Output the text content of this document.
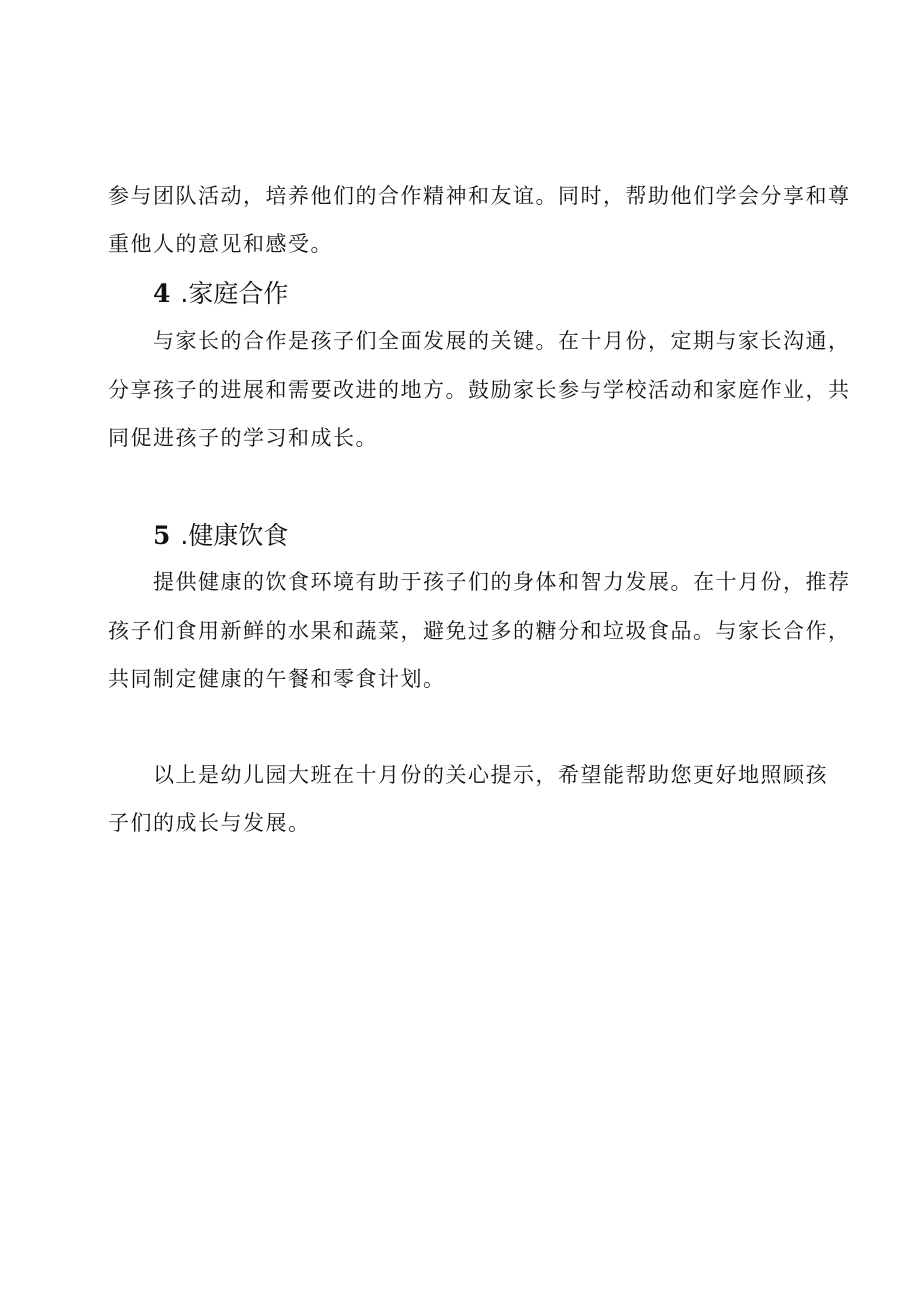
参与团队活动，培养他们的合作精神和友谊。同时，帮助他们学会分享和尊
重他人的意见和感受。
4 .家庭合作
与家长的合作是孩子们全面发展的关键。在十月份，定期与家长沟通，
分享孩子的进展和需要改进的地方。鼓励家长参与学校活动和家庭作业，共
同促进孩子的学习和成长。
5 .健康饮食
提供健康的饮食环境有助于孩子们的身体和智力发展。在十月份，推荐
孩子们食用新鲜的水果和蔬菜，避免过多的糖分和垃圾食品。与家长合作，
共同制定健康的午餐和零食计划。
以上是幼儿园大班在十月份的关心提示，希望能帮助您更好地照顾孩
子们的成长与发展。
